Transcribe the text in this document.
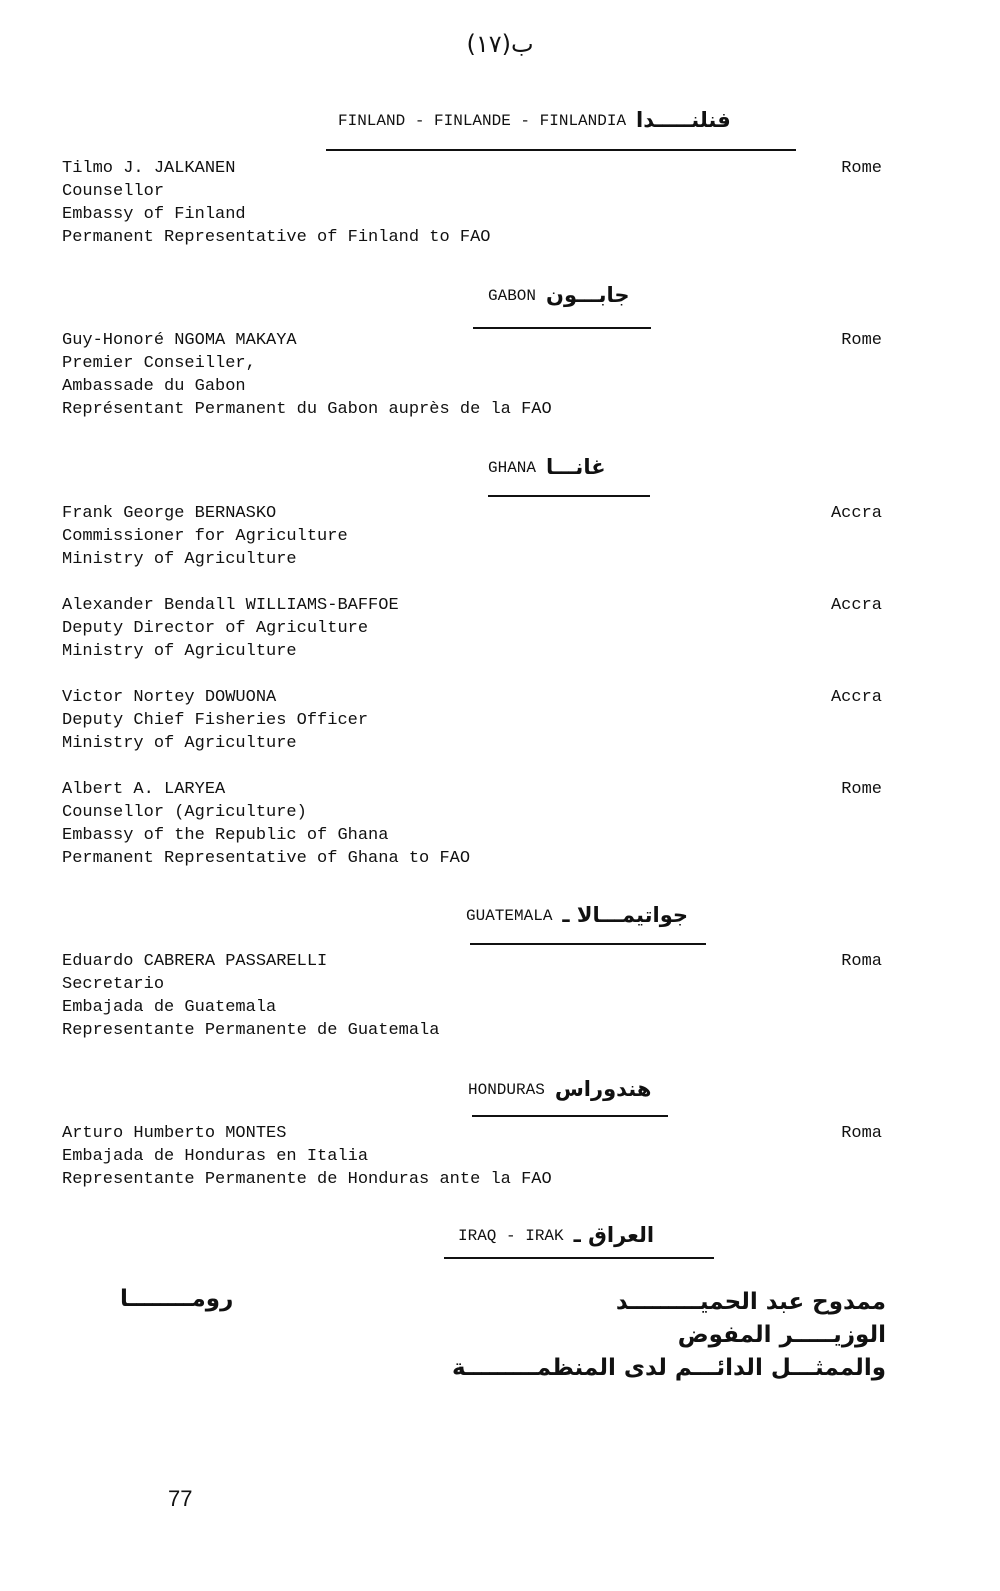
ب(١٧)
FINLAND - FINLANDE - FINLANDIA فنلنـــــدا
Tilmo J. JALKANEN
Counsellor
Embassy of Finland
Permanent Representative of Finland to FAO
Rome
GABON جابـــون
Guy-Honoré NGOMA MAKAYA
Premier Conseiller,
Ambassade du Gabon
Représentant Permanent du Gabon auprès de la FAO
Rome
GHANA غانـــا
Frank George BERNASKO
Commissioner for Agriculture
Ministry of Agriculture
Accra
Alexander Bendall WILLIAMS-BAFFOE
Deputy Director of Agriculture
Ministry of Agriculture
Accra
Victor Nortey DOWUONA
Deputy Chief Fisheries Officer
Ministry of Agriculture
Accra
Albert A. LARYEA
Counsellor (Agriculture)
Embassy of the Republic of Ghana
Permanent Representative of Ghana to FAO
Rome
GUATEMALA جواتيمـــالا ـ
Eduardo CABRERA PASSARELLI
Secretario
Embajada de Guatemala
Representante Permanente de Guatemala
Roma
HONDURAS هندوراس
Arturo Humberto MONTES
Embajada de Honduras en Italia
Representante Permanente de Honduras ante la FAO
Roma
IRAQ - IRAK العراق ـ
رومــــــــا	ممدوح عبد الحميـــــــــد
الوزيـــــر المفوض
والممثـــل الدائـــم لدى المنظمـــــــــة
77
